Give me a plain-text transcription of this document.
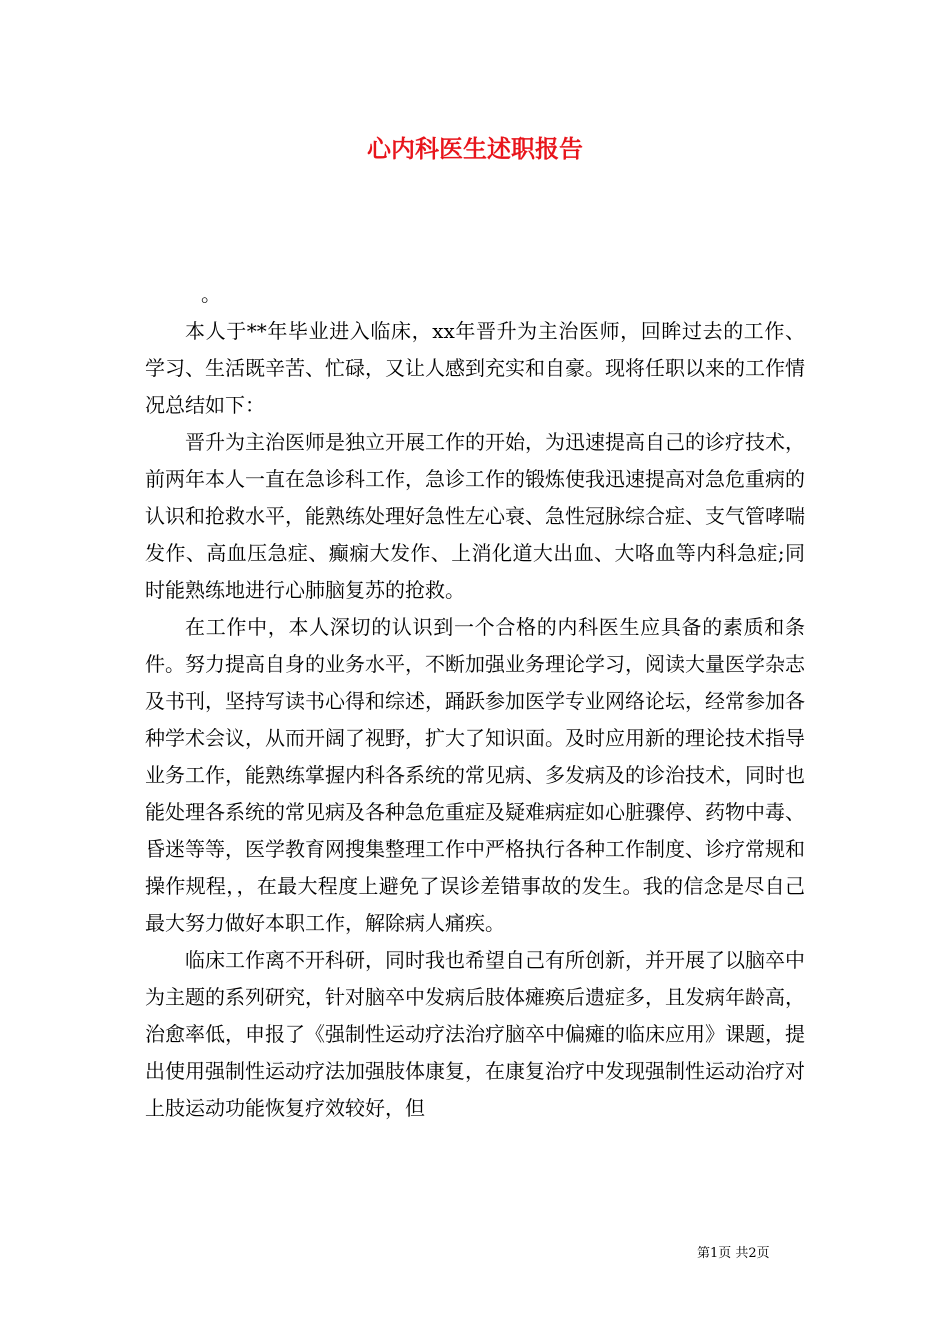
心内科医生述职报告

。

本人于**年毕业进入临床，xx年晋升为主治医师，回眸过去的工作、学习、生活既辛苦、忙碌，又让人感到充实和自豪。现将任职以来的工作情况总结如下：

晋升为主治医师是独立开展工作的开始，为迅速提高自己的诊疗技术，前两年本人一直在急诊科工作，急诊工作的锻炼使我迅速提高对急危重病的认识和抢救水平，能熟练处理好急性左心衰、急性冠脉综合症、支气管哮喘发作、高血压急症、癫痫大发作、上消化道大出血、大咯血等内科急症;同时能熟练地进行心肺脑复苏的抢救。

在工作中，本人深切的认识到一个合格的内科医生应具备的素质和条件。努力提高自身的业务水平，不断加强业务理论学习，阅读大量医学杂志及书刊，坚持写读书心得和综述，踊跃参加医学专业网络论坛，经常参加各种学术会议，从而开阔了视野，扩大了知识面。及时应用新的理论技术指导业务工作，能熟练掌握内科各系统的常见病、多发病及的诊治技术，同时也能处理各系统的常见病及各种急危重症及疑难病症如心脏骤停、药物中毒、昏迷等等，医学教育网搜集整理工作中严格执行各种工作制度、诊疗常规和操作规程，，在最大程度上避免了误诊差错事故的发生。我的信念是尽自己最大努力做好本职工作，解除病人痛疾。

临床工作离不开科研，同时我也希望自己有所创新，并开展了以脑卒中为主题的系列研究，针对脑卒中发病后肢体瘫痪后遗症多，且发病年龄高，治愈率低，申报了《强制性运动疗法治疗脑卒中偏瘫的临床应用》课题，提出使用强制性运动疗法加强肢体康复，在康复治疗中发现强制性运动治疗对上肢运动功能恢复疗效较好，但

第1页 共2页
